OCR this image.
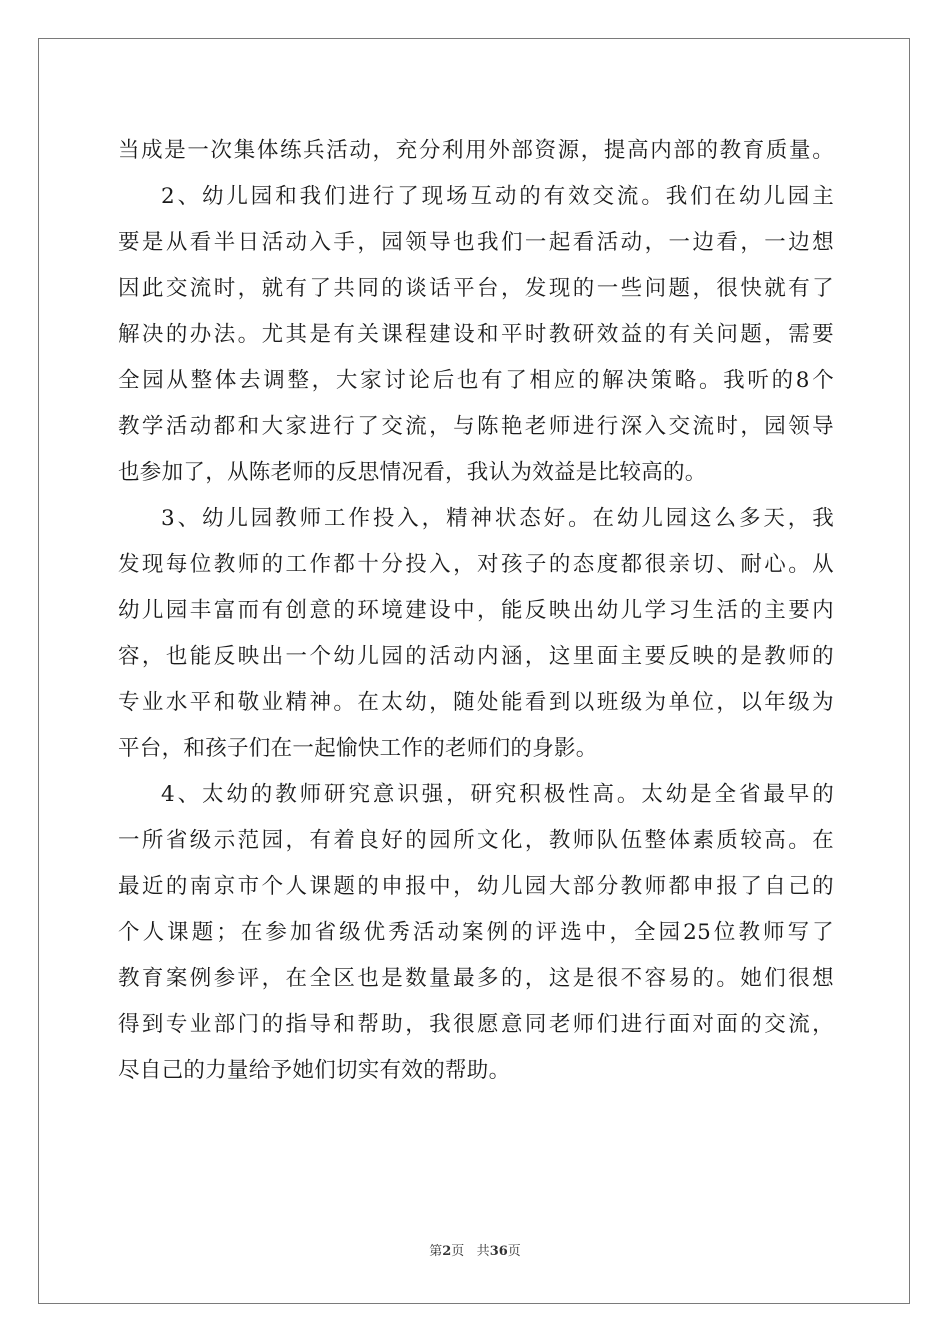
当成是一次集体练兵活动，充分利用外部资源，提高内部的教育质量。
2、幼儿园和我们进行了现场互动的有效交流。我们在幼儿园主
要是从看半日活动入手，园领导也我们一起看活动，一边看，一边想
因此交流时，就有了共同的谈话平台，发现的一些问题，很快就有了
解决的办法。尤其是有关课程建设和平时教研效益的有关问题，需要
全园从整体去调整，大家讨论后也有了相应的解决策略。我听的8个
教学活动都和大家进行了交流，与陈艳老师进行深入交流时，园领导
也参加了，从陈老师的反思情况看，我认为效益是比较高的。
3、幼儿园教师工作投入，精神状态好。在幼儿园这么多天，我
发现每位教师的工作都十分投入，对孩子的态度都很亲切、耐心。从
幼儿园丰富而有创意的环境建设中，能反映出幼儿学习生活的主要内
容，也能反映出一个幼儿园的活动内涵，这里面主要反映的是教师的
专业水平和敬业精神。在太幼，随处能看到以班级为单位，以年级为
平台，和孩子们在一起愉快工作的老师们的身影。
4、太幼的教师研究意识强，研究积极性高。太幼是全省最早的
一所省级示范园，有着良好的园所文化，教师队伍整体素质较高。在
最近的南京市个人课题的申报中，幼儿园大部分教师都申报了自己的
个人课题；在参加省级优秀活动案例的评选中，全园25位教师写了
教育案例参评，在全区也是数量最多的，这是很不容易的。她们很想
得到专业部门的指导和帮助，我很愿意同老师们进行面对面的交流，
尽自己的力量给予她们切实有效的帮助。
第2页 共36页
